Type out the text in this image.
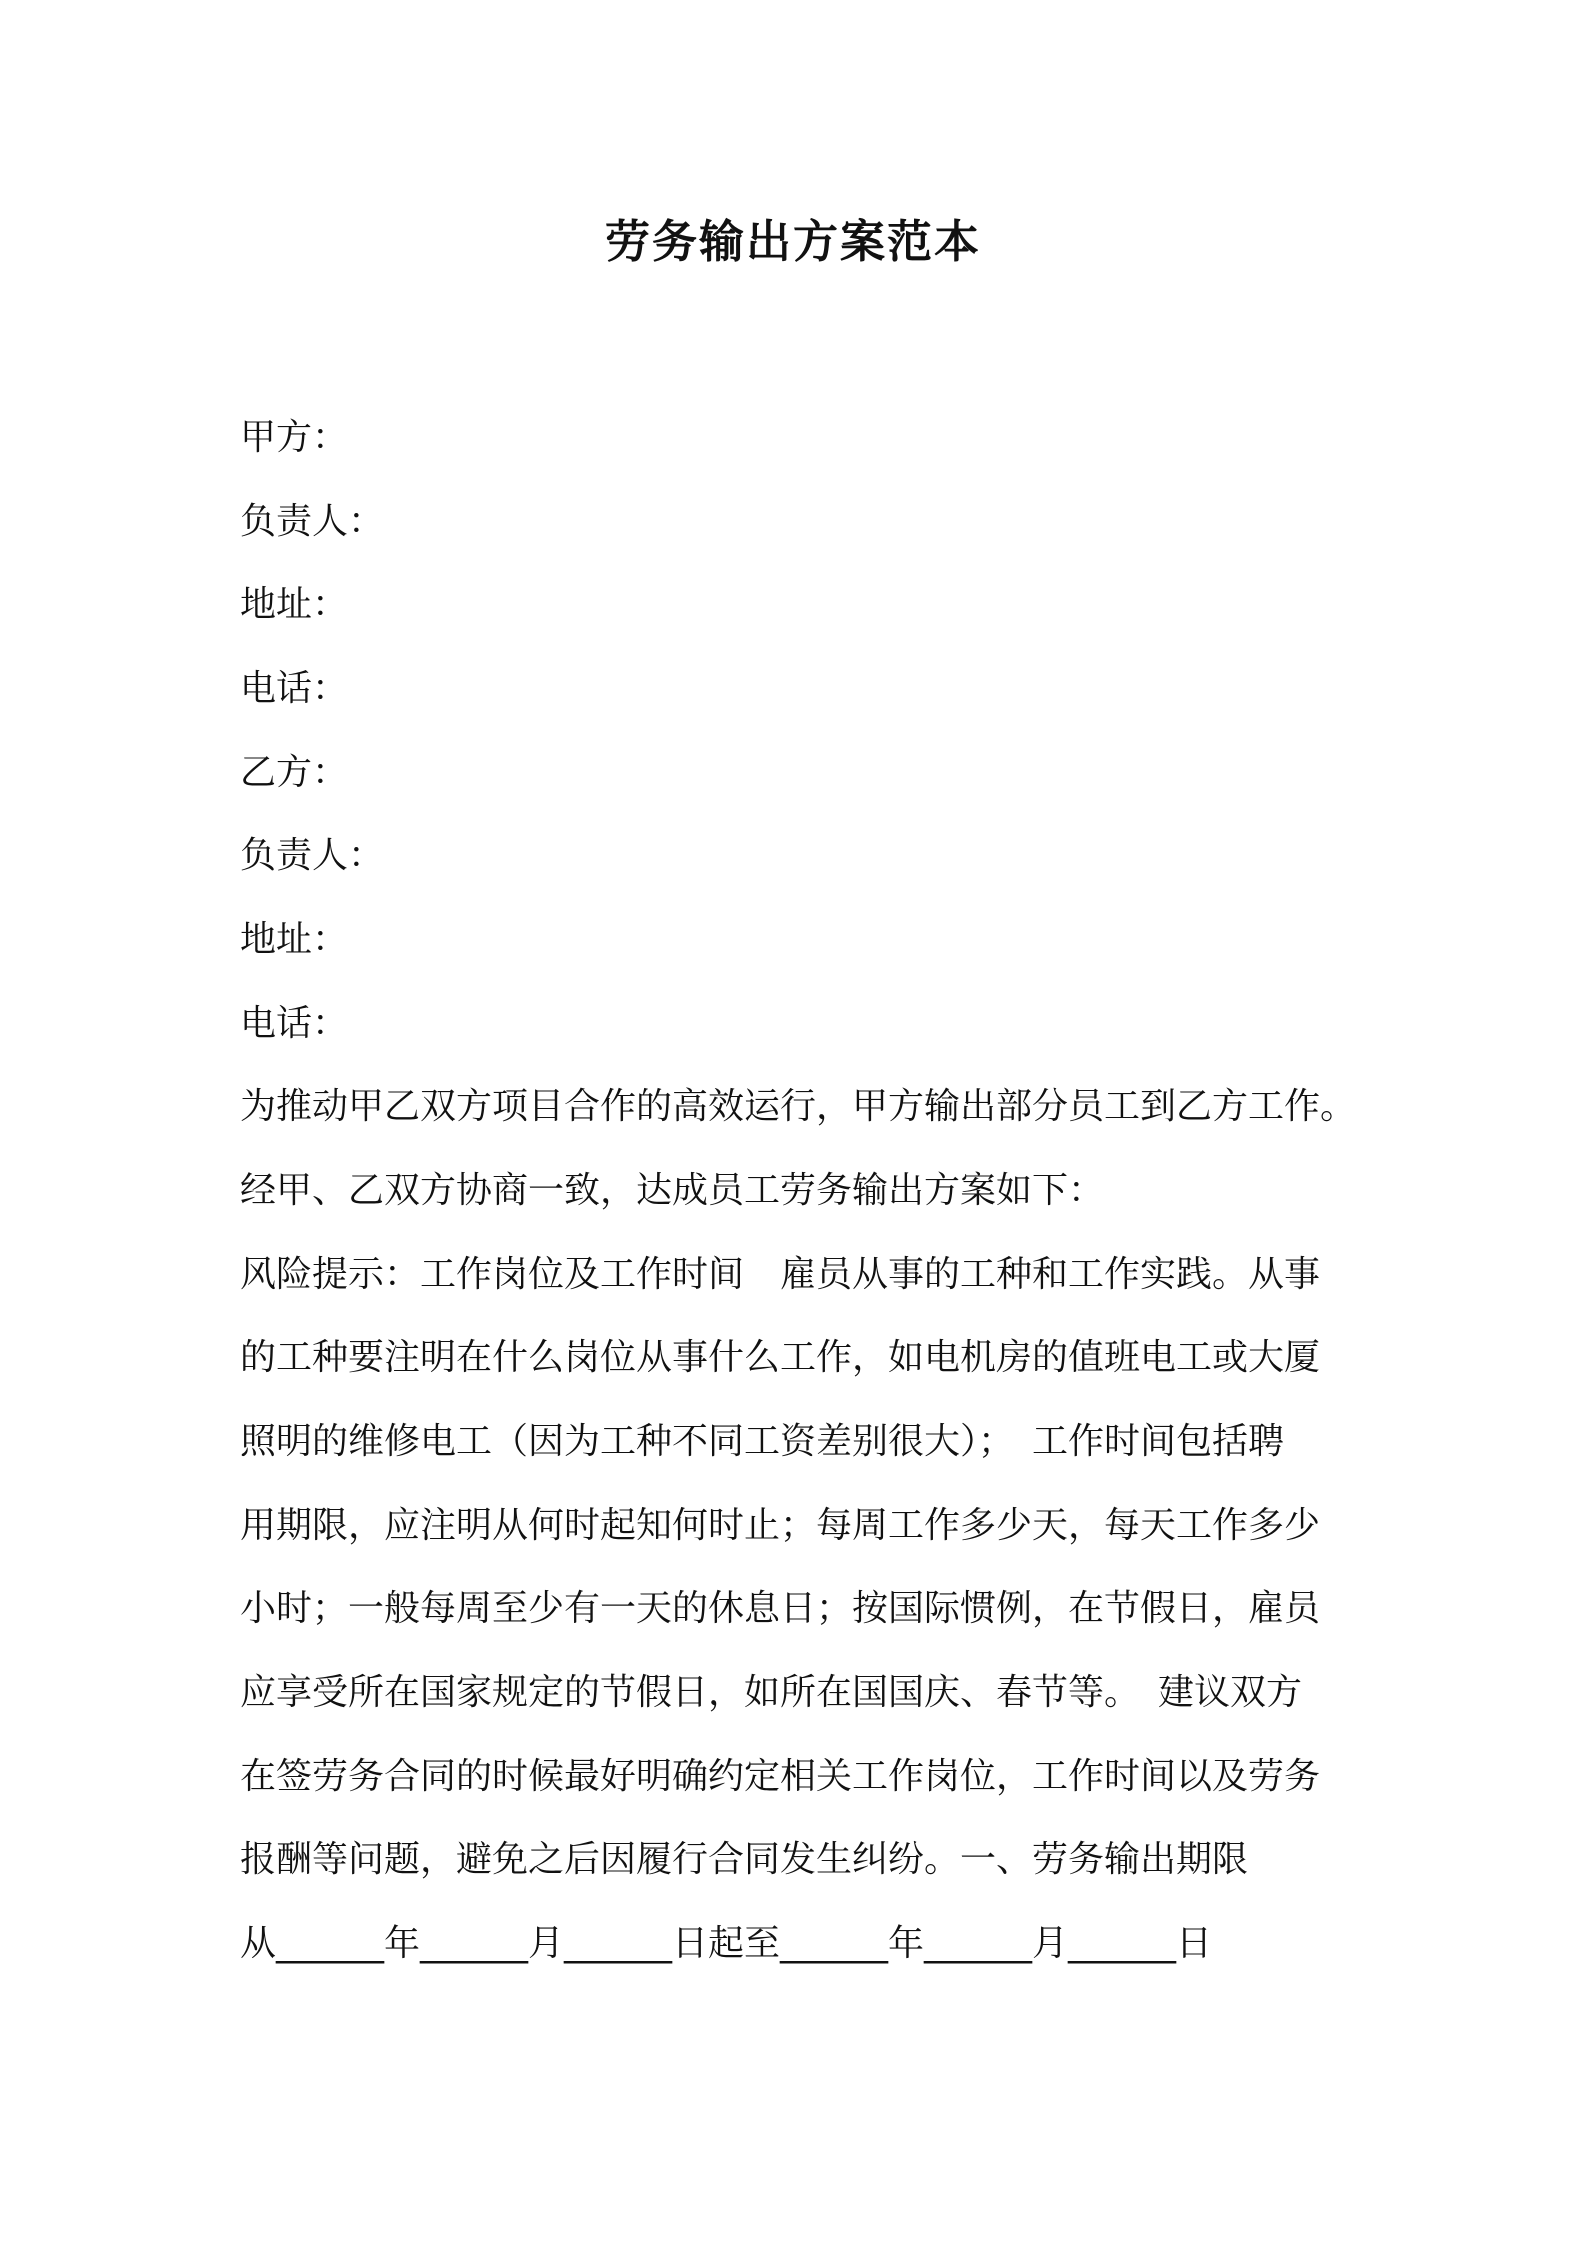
劳务输出方案范本
甲方：
负责人：
地址：
电话：
乙方：
负责人：
地址：
电话：
为推动甲乙双方项目合作的高效运行，甲方输出部分员工到乙方工作。
经甲、乙双方协商一致，达成员工劳务输出方案如下：
风险提示：工作岗位及工作时间　雇员从事的工种和工作实践。从事
的工种要注明在什么岗位从事什么工作，如电机房的值班电工或大厦
照明的维修电工（因为工种不同工资差别很大）；　工作时间包括聘
用期限，应注明从何时起知何时止；每周工作多少天，每天工作多少
小时；一般每周至少有一天的休息日；按国际惯例，在节假日，雇员
应享受所在国家规定的节假日，如所在国国庆、春节等。　建议双方
在签劳务合同的时候最好明确约定相关工作岗位，工作时间以及劳务
报酬等问题，避免之后因履行合同发生纠纷。一、劳务输出期限
从______年______月______日起至______年______月______日
